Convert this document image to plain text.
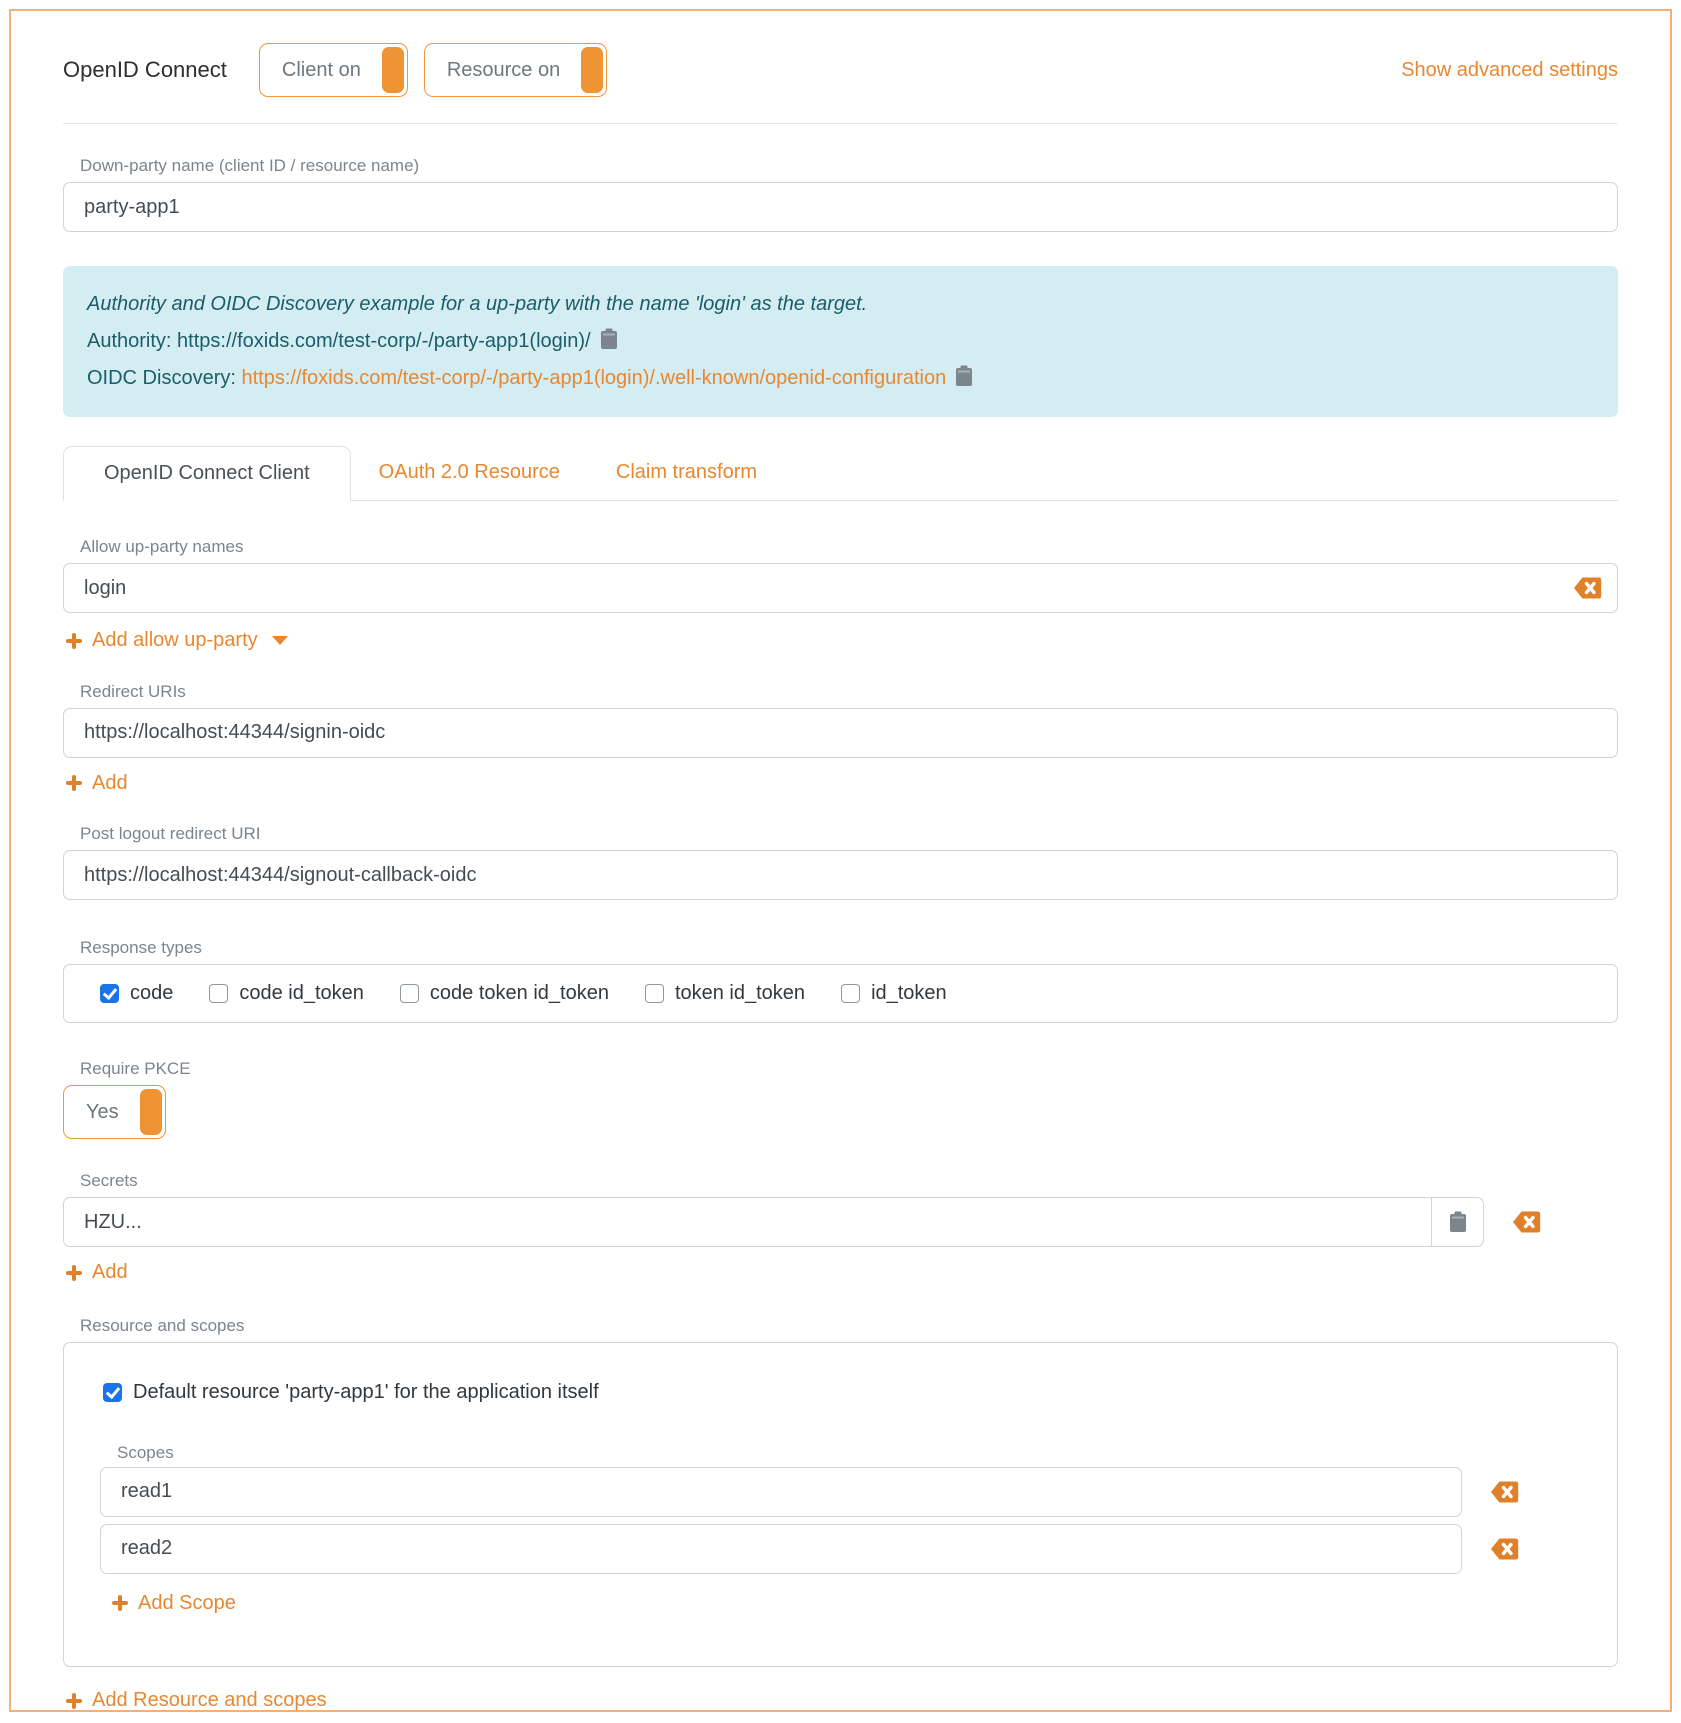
OpenID Connect	Client on	Resource on	Show advanced settings
Down-party name (client ID / resource name)
party-app1
Authority and OIDC Discovery example for a up-party with the name 'login' as the target.
Authority: https://foxids.com/test-corp/-/party-app1(login)/
OIDC Discovery: https://foxids.com/test-corp/-/party-app1(login)/.well-known/openid-configuration
OpenID Connect Client	OAuth 2.0 Resource	Claim transform
Allow up-party names
login
Add allow up-party
Redirect URIs
https://localhost:44344/signin-oidc
Add
Post logout redirect URI
https://localhost:44344/signout-callback-oidc
Response types
code	code id_token	code token id_token	token id_token	id_token
Require PKCE
Yes
Secrets
HZU...
Add
Resource and scopes
Default resource 'party-app1' for the application itself
Scopes
read1
read2
Add Scope
Add Resource and scopes
